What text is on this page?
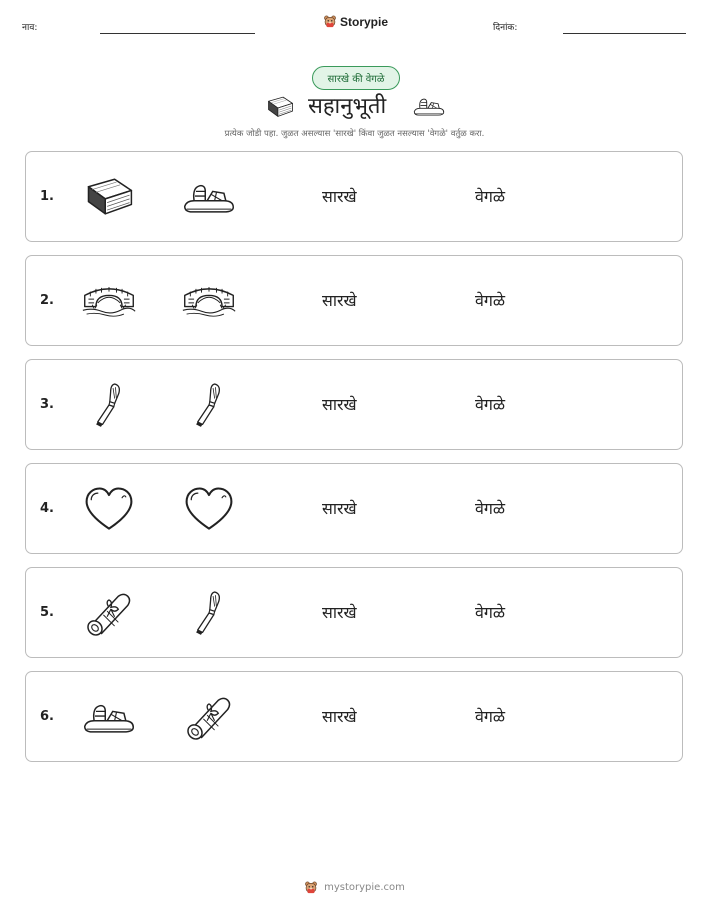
नाव:	Storypie	दिनांक:
सारखे की वेगळे
सहानुभूती
प्रत्येक जोडी पहा. जुळत असल्यास 'सारखे' किंवा जुळत नसल्यास 'वेगळे' वर्तुळ करा.
1.	सारखे	वेगळे
2.	सारखे	वेगळे
3.	सारखे	वेगळे
4.	सारखे	वेगळे
5.	सारखे	वेगळे
6.	सारखे	वेगळे
mystorypie.com
